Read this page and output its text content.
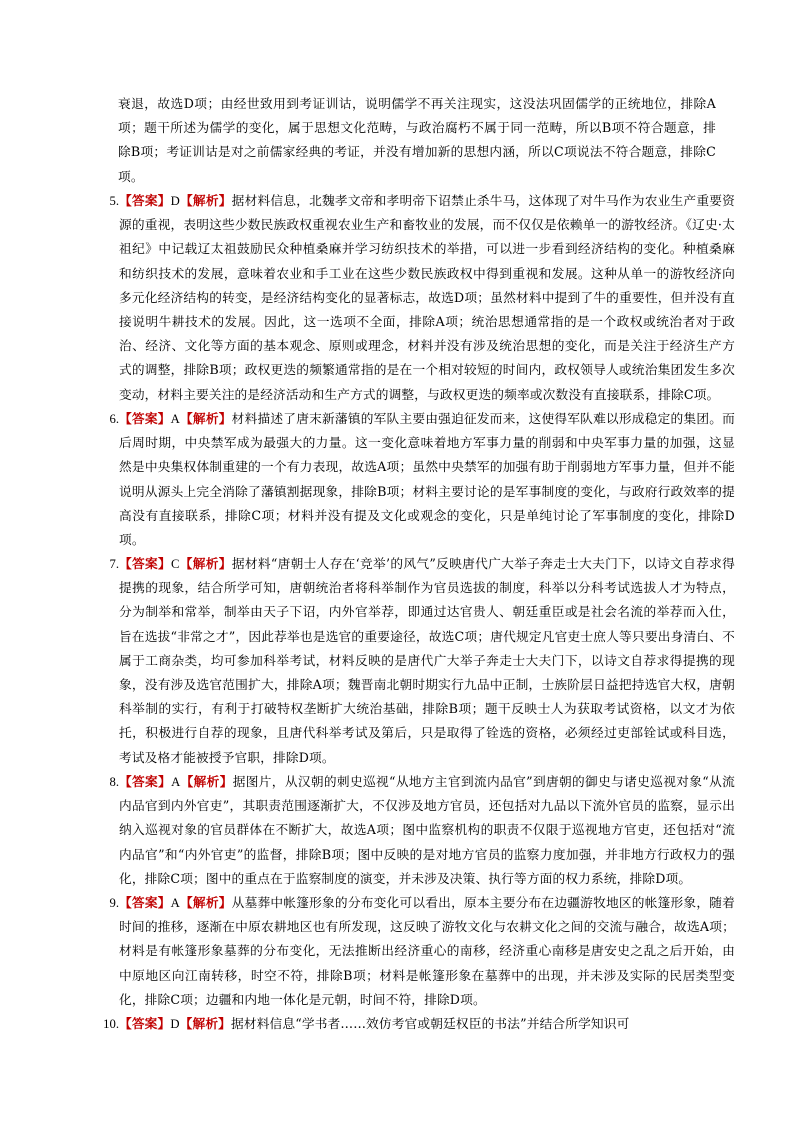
衰退，故选D项；由经世致用到考证训诂，说明儒学不再关注现实，这没法巩固儒学的正统地位，排除A项；题干所述为儒学的变化，属于思想文化范畴，与政治腐朽不属于同一范畴，所以B项不符合题意，排除B项；考证训诂是对之前儒家经典的考证，并没有增加新的思想内涵，所以C项说法不符合题意，排除C项。
5. 【答案】D【解析】据材料信息，北魏孝文帝和孝明帝下诏禁止杀牛马，这体现了对牛马作为农业生产重要资源的重视，表明这些少数民族政权重视农业生产和畜牧业的发展，而不仅仅是依赖单一的游牧经济。《辽史·太祖纪》中记载辽太祖鼓励民众种植桑麻并学习纺织技术的举措，可以进一步看到经济结构的变化。种植桑麻和纺织技术的发展，意味着农业和手工业在这些少数民族政权中得到重视和发展。这种从单一的游牧经济向多元化经济结构的转变，是经济结构变化的显著标志，故选D项；虽然材料中提到了牛的重要性，但并没有直接说明牛耕技术的发展。因此，这一选项不全面，排除A项；统治思想通常指的是一个政权或统治者对于政治、经济、文化等方面的基本观念、原则或理念，材料并没有涉及统治思想的变化，而是关注于经济生产方式的调整，排除B项；政权更迭的频繁通常指的是在一个相对较短的时间内，政权领导人或统治集团发生多次变动，材料主要关注的是经济活动和生产方式的调整，与政权更迭的频率或次数没有直接联系，排除C项。
6. 【答案】A【解析】材料描述了唐末新藩镇的军队主要由强迫征发而来，这使得军队难以形成稳定的集团。而后周时期，中央禁军成为最强大的力量。这一变化意味着地方军事力量的削弱和中央军事力量的加强，这显然是中央集权体制重建的一个有力表现，故选A项；虽然中央禁军的加强有助于削弱地方军事力量，但并不能说明从源头上完全消除了藩镇割据现象，排除B项；材料主要讨论的是军事制度的变化，与政府行政效率的提高没有直接联系，排除C项；材料并没有提及文化或观念的变化，只是单纯讨论了军事制度的变化，排除D项。
7. 【答案】C【解析】据材料“唐朝士人存在‘竞举’的风气”反映唐代广大举子奔走士大夫门下，以诗文自荐求得提携的现象，结合所学可知，唐朝统治者将科举制作为官员选拔的制度，科举以分科考试选拔人才为特点，分为制举和常举，制举由天子下诏，内外官举荐，即通过达官贵人、朝廷重臣或是社会名流的举荐而入仕，旨在选拔“非常之才”，因此荐举也是选官的重要途径，故选C项；唐代规定凡官吏士庶人等只要出身清白、不属于工商杂类，均可参加科举考试，材料反映的是唐代广大举子奔走士大夫门下，以诗文自荐求得提携的现象，没有涉及选官范围扩大，排除A项；魏晋南北朝时期实行九品中正制，士族阶层日益把持选官大权，唐朝科举制的实行，有利于打破特权垄断扩大统治基础，排除B项；题干反映士人为获取考试资格，以文才为依托，积极进行自荐的现象，且唐代科举考试及第后，只是取得了铨选的资格，必须经过吏部铨试或科目选，考试及格才能被授予官职，排除D项。
8. 【答案】A【解析】据图片，从汉朝的刺史巡视“从地方主官到流内品官”到唐朝的御史与诸史巡视对象“从流内品官到内外官吏”，其职责范围逐渐扩大，不仅涉及地方官员，还包括对九品以下流外官员的监察，显示出纳入巡视对象的官员群体在不断扩大，故选A项；图中监察机构的职责不仅限于巡视地方官吏，还包括对“流内品官”和“内外官吏”的监督，排除B项；图中反映的是对地方官员的监察力度加强，并非地方行政权力的强化，排除C项；图中的重点在于监察制度的演变，并未涉及决策、执行等方面的权力系统，排除D项。
9. 【答案】A【解析】从墓葬中帐篷形象的分布变化可以看出，原本主要分布在边疆游牧地区的帐篷形象，随着时间的推移，逐渐在中原农耕地区也有所发现，这反映了游牧文化与农耕文化之间的交流与融合，故选A项；材料是有帐篷形象墓葬的分布变化，无法推断出经济重心的南移，经济重心南移是唐安史之乱之后开始，由中原地区向江南转移，时空不符，排除B项；材料是帐篷形象在墓葬中的出现，并未涉及实际的民居类型变化，排除C项；边疆和内地一体化是元朝，时间不符，排除D项。
10. 【答案】D【解析】据材料信息“学书者……效仿考官或朝廷权臣的书法”并结合所学知识可
